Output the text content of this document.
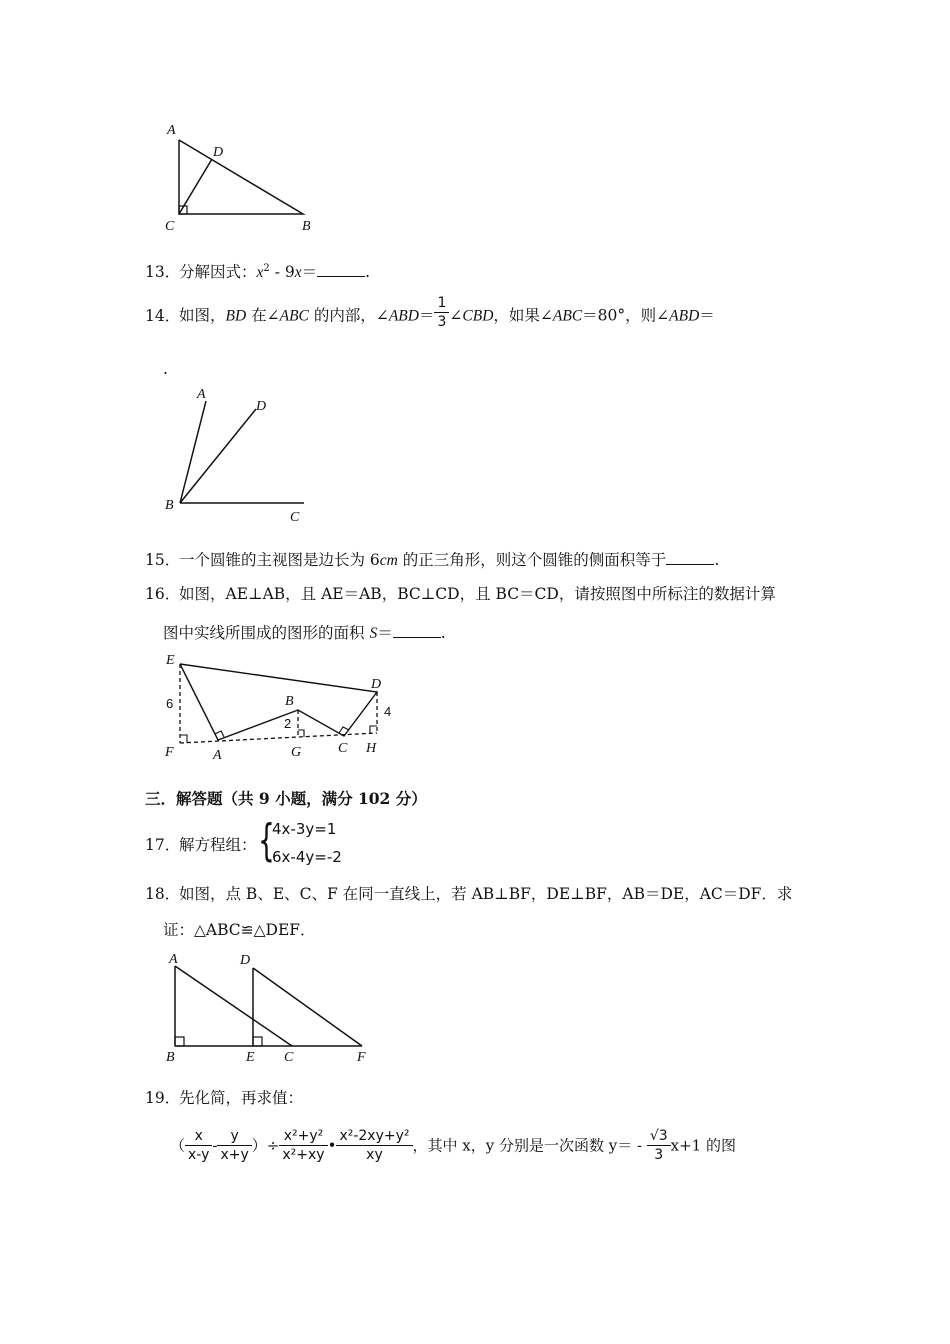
A
D
C	B
13．分解因式：$x^2 - 9x=$	.
14．如图，BD 在∠ABC 的内部，∠ABD＝ $\frac{1}{3}$ ∠CBD，如果∠ABC＝80°，则∠ABD＝
.
A
D
B
C
15．一个圆锥的主视图是边长为 6cm 的正三角形，则这个圆锥的侧面积等于	.
16．如图，AE⊥AB，且 AE＝AB，BC⊥CD，且 BC＝CD，请按照图中所标注的数据计算
图中实线所围成的图形的面积 S＝	.
E
D
B
F	A	G	C H
6
2
4
三．解答题（共 9 小题，满分 102 分）
17．解方程组： {
4x-3y=1
6x-4y=-2
18．如图，点 B、E、C、F 在同一直线上，若 AB⊥BF，DE⊥BF，AB＝DE，AC＝DF．求
证：△ABC≌△DEF．
A	D
B	E C	F
19．先化简，再求值：
（ $\frac{x}{x-y} - \frac{y}{x+y}$ ）÷ $\frac{\text{x²+y²}}{\text{x²+xy}}$ • $\frac{\text{x²-2xy+y²}}{xy}$ ，其中 x，y 分别是一次函数 $y= - \frac{√3}{3} x+1$ 的图
